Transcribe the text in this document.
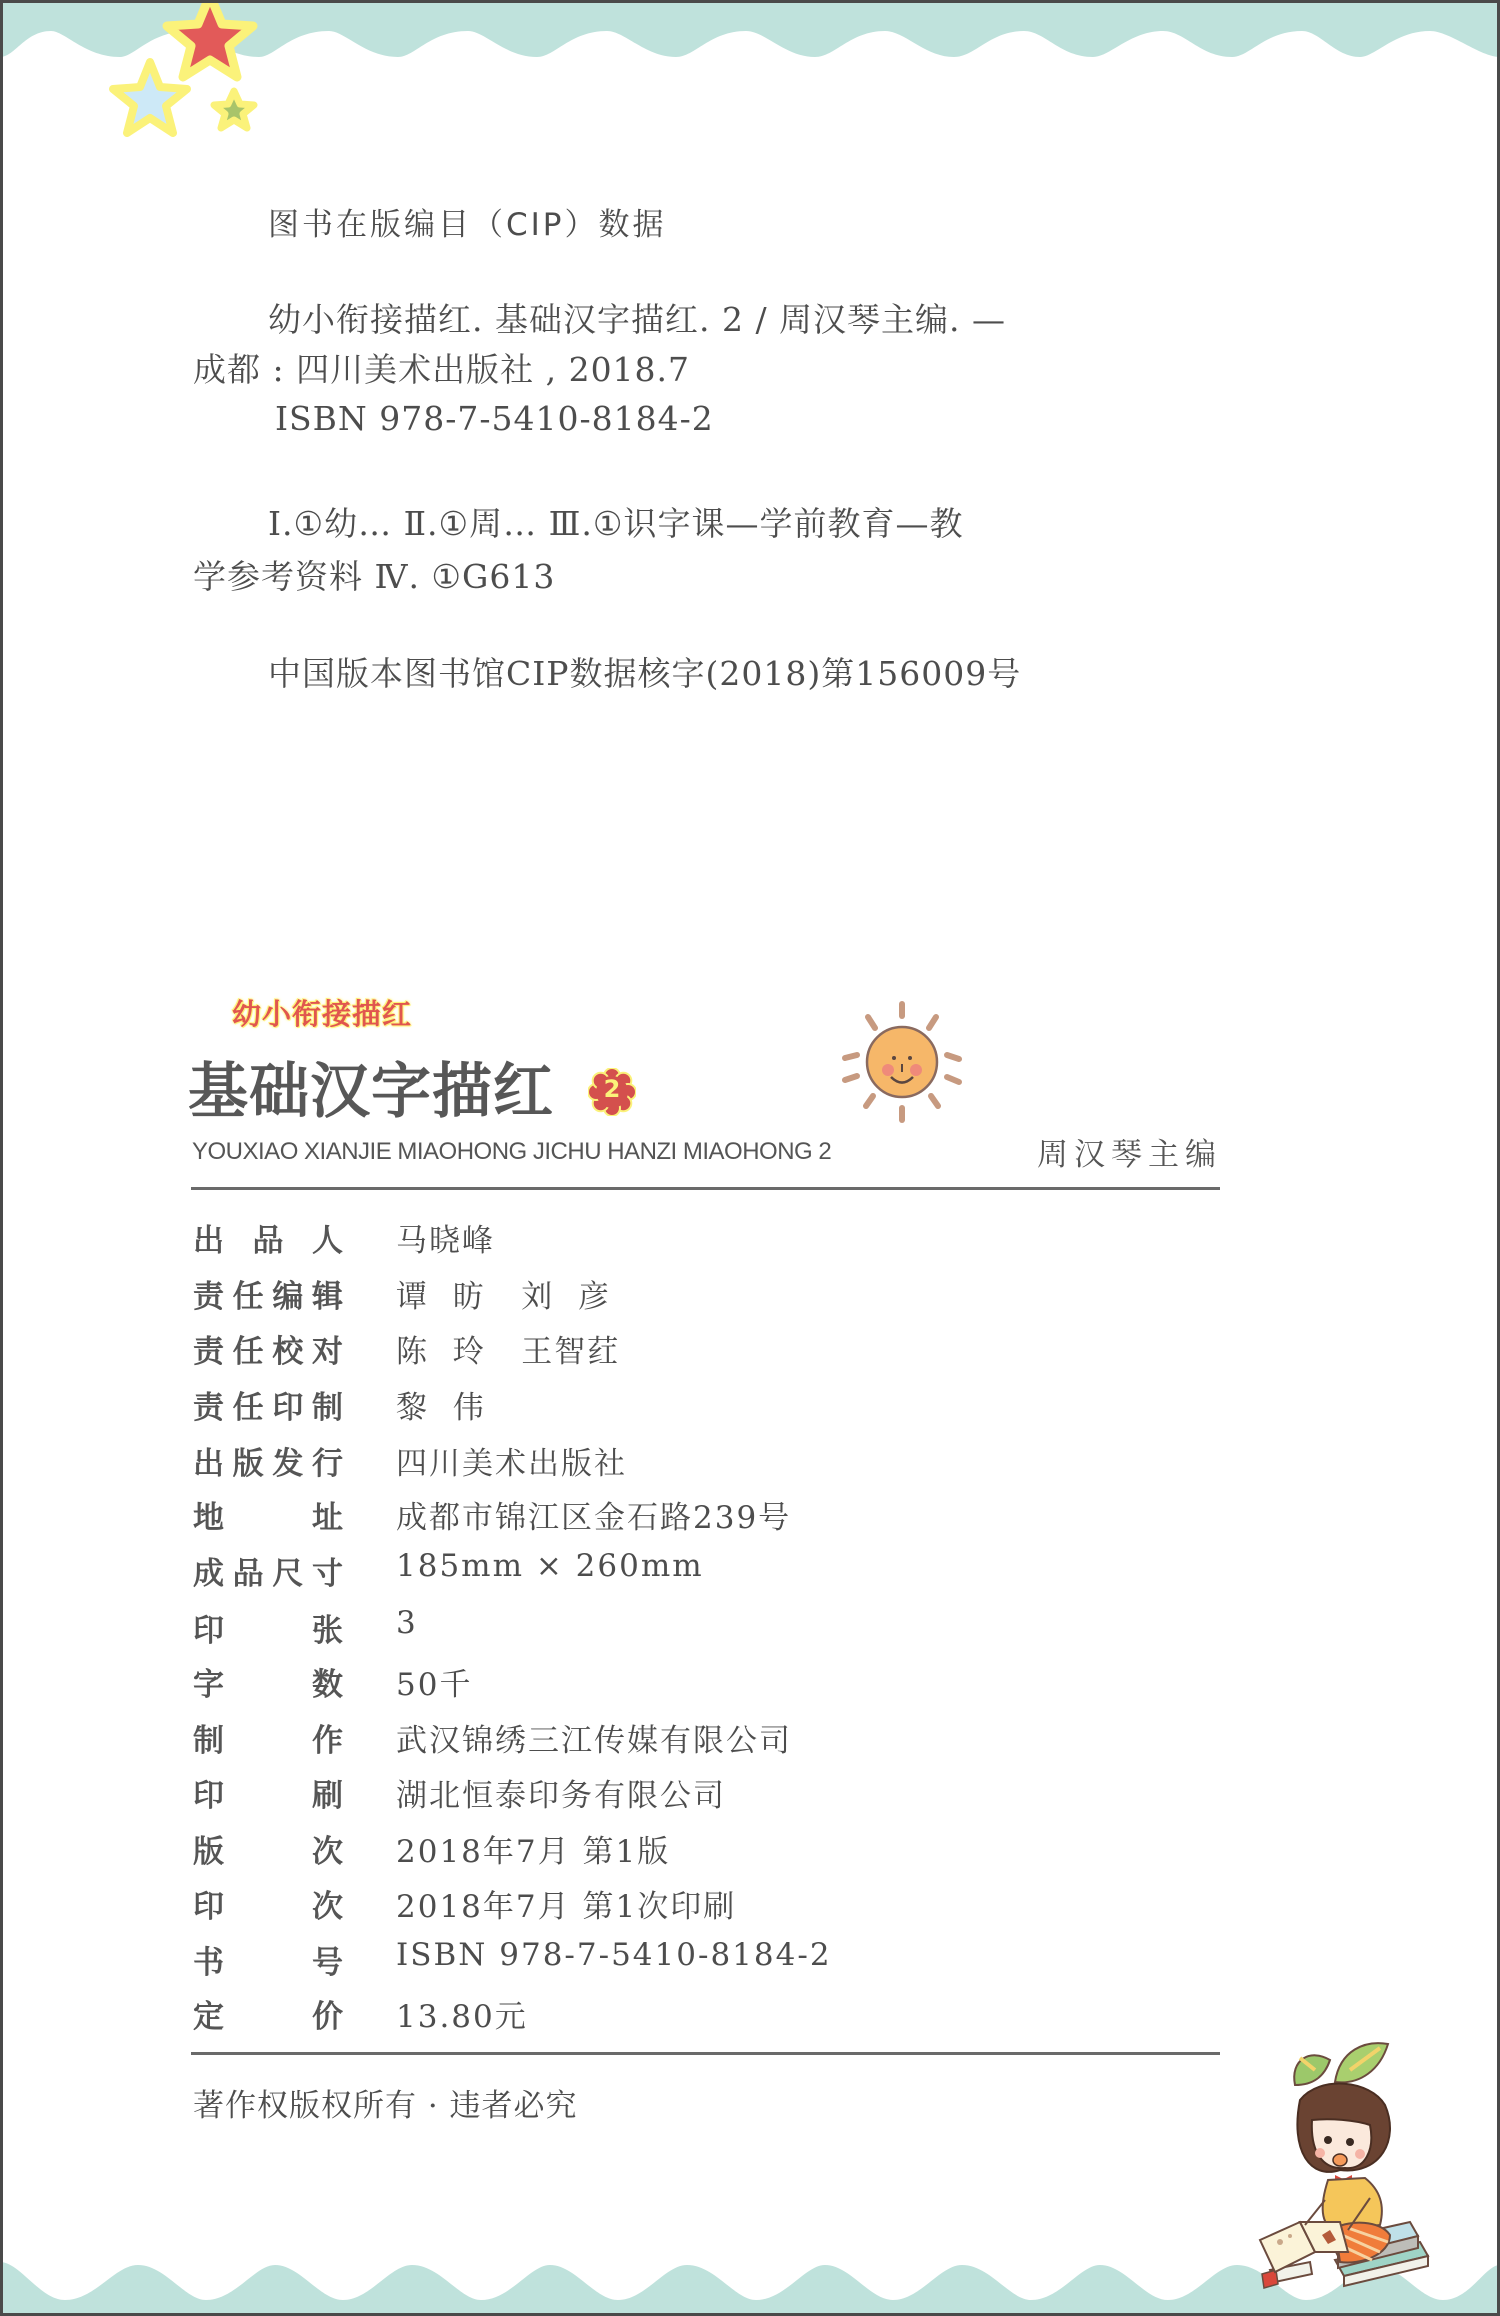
图书在版编目（CIP）数据
幼小衔接描红. 基础汉字描红. 2 / 周汉琴主编. —
成都 : 四川美术出版社 , 2018.7
ISBN 978-7-5410-8184-2
Ⅰ.①幼… Ⅱ.①周… Ⅲ.①识字课—学前教育—教
学参考资料 Ⅳ. ①G613
中国版本图书馆CIP数据核字(2018)第156009号
幼小衔接描红
基础汉字描红	2
YOUXIAO XIANJIE MIAOHONG JICHU HANZI MIAOHONG 2	周汉琴主编
出 品 人 马晓峰
责 任 编 辑 谭  昉   刘  彦
责 任 校 对 陈  玲   王智荭
责 任 印 制 黎  伟
出 版 发 行 四川美术出版社
地	址 成都市锦江区金石路239号
成 品 尺 寸 185mm × 260mm
印	张 3
字	数 50千
制	作 武汉锦绣三江传媒有限公司
印	刷 湖北恒泰印务有限公司
版	次 2018年7月 第1版
印	次 2018年7月 第1次印刷
书	号 ISBN 978-7-5410-8184-2
定	价 13.80元
著作权版权所有 · 违者必究
